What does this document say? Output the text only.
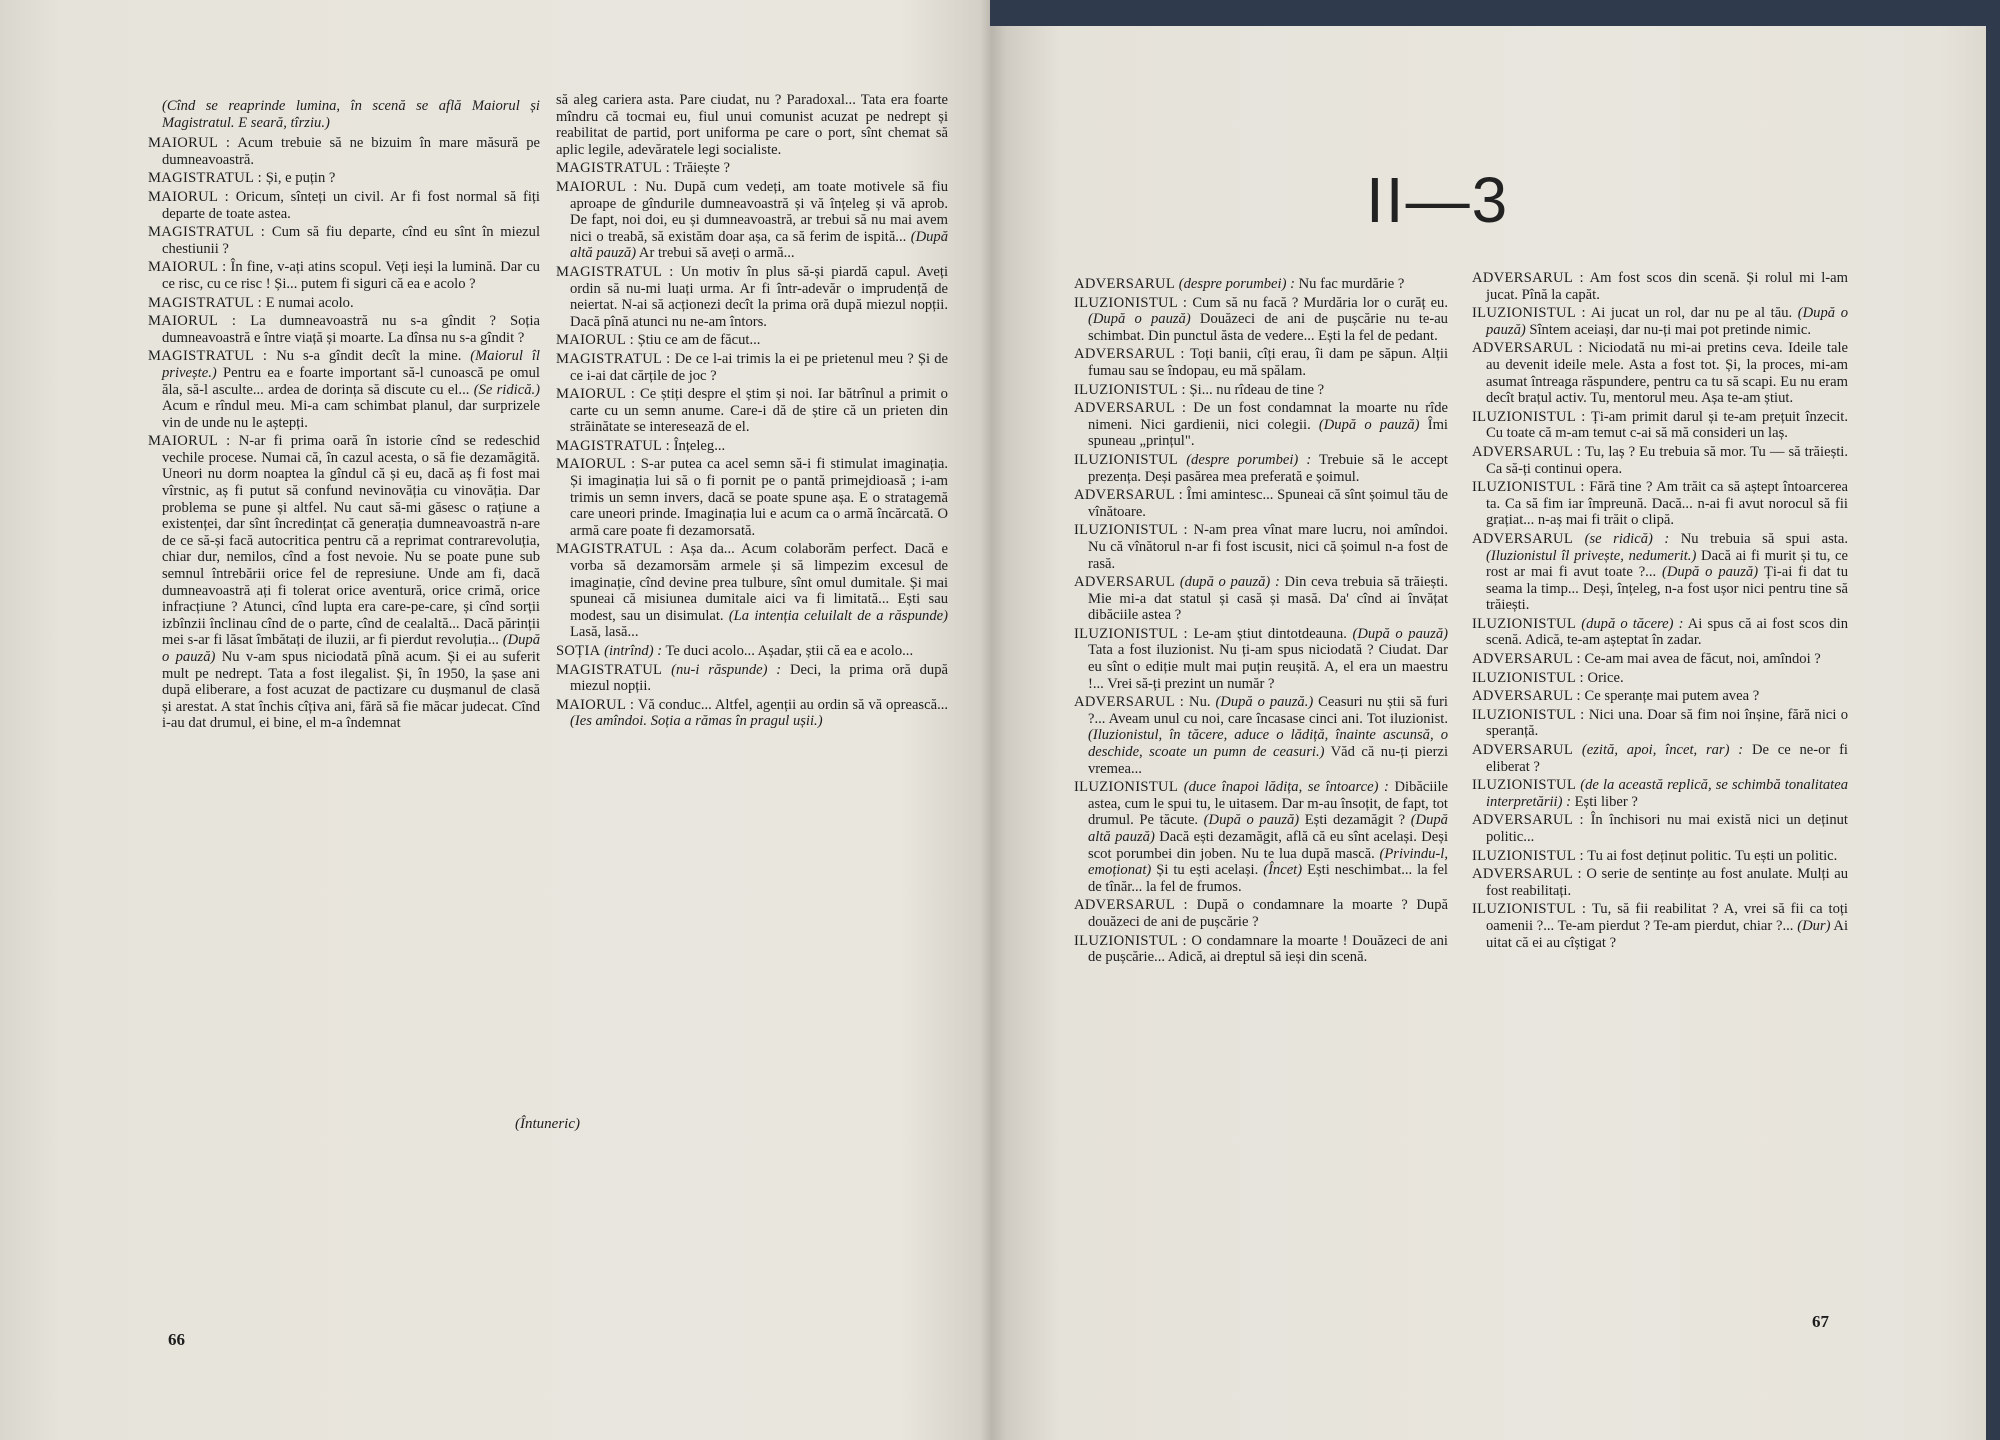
(Cînd se reaprinde lumina, în scenă se află Maiorul și Magistratul. E seară, tîrziu.)

MAIORUL : Acum trebuie să ne bizuim în mare măsură pe dumneavoastră.

MAGISTRATUL : Și, e puțin ?

MAIORUL : Oricum, sînteți un civil. Ar fi fost normal să fiți departe de toate astea.

MAGISTRATUL : Cum să fiu departe, cînd eu sînt în miezul chestiunii ?

MAIORUL : În fine, v-ați atins scopul. Veți ieși la lumină. Dar cu ce risc, cu ce risc ! Și... putem fi siguri că ea e acolo ?

MAGISTRATUL : E numai acolo.

MAIORUL : La dumneavoastră nu s-a gîndit ? Soția dumneavoastră e între viață și moarte. La dînsa nu s-a gîndit ?

MAGISTRATUL : Nu s-a gîndit decît la mine. (Maiorul îl privește.) Pentru ea e foarte important să-l cunoască pe omul ăla, să-l asculte... ardea de dorința să discute cu el... (Se ridică.) Acum e rîndul meu. Mi-a cam schimbat planul, dar surprizele vin de unde nu le aștepți.

MAIORUL : N-ar fi prima oară în istorie cînd se redeschid vechile procese. Numai că, în cazul acesta, o să fie dezamăgită. Uneori nu dorm noaptea la gîndul că și eu, dacă aș fi fost mai vîrstnic, aș fi putut să confund nevinovăția cu vinovăția. Dar problema se pune și altfel. Nu caut să-mi găsesc o rațiune a existenței, dar sînt încredințat că generația dumneavoastră n-are de ce să-și facă autocritica pentru că a reprimat contrarevoluția, chiar dur, nemilos, cînd a fost nevoie. Nu se poate pune sub semnul întrebării orice fel de represiune. Unde am fi, dacă dumneavoastră ați fi tolerat orice aventură, orice crimă, orice infracțiune ? Atunci, cînd lupta era care-pe-care, și cînd sorții izbînzii înclinau cînd de o parte, cînd de cealaltă... Dacă părinții mei s-ar fi lăsat îmbătați de iluzii, ar fi pierdut revoluția... (După o pauză) Nu v-am spus niciodată pînă acum. Și ei au suferit mult pe nedrept. Tata a fost ilegalist. Și, în 1950, la șase ani după eliberare, a fost acuzat de pactizare cu dușmanul de clasă și arestat. A stat închis cîțiva ani, fără să fie măcar judecat. Cînd i-au dat drumul, ei bine, el m-a îndemnat

să aleg cariera asta. Pare ciudat, nu ? Paradoxal... Tata era foarte mîndru că tocmai eu, fiul unui comunist acuzat pe nedrept și reabilitat de partid, port uniforma pe care o port, sînt chemat să aplic legile, adevăratele legi socialiste.

MAGISTRATUL : Trăiește ?

MAIORUL : Nu. După cum vedeți, am toate motivele să fiu aproape de gîndurile dumneavoastră și vă înțeleg și vă aprob. De fapt, noi doi, eu și dumneavoastră, ar trebui să nu mai avem nici o treabă, să existăm doar așa, ca să ferim de ispită... (După altă pauză) Ar trebui să aveți o armă...

MAGISTRATUL : Un motiv în plus să-și piardă capul. Aveți ordin să nu-mi luați urma. Ar fi într-adevăr o imprudență de neiertat. N-ai să acționezi decît la prima oră după miezul nopții. Dacă pînă atunci nu ne-am întors.

MAIORUL : Știu ce am de făcut...

MAGISTRATUL : De ce l-ai trimis la ei pe prietenul meu ? Și de ce i-ai dat cărțile de joc ?

MAIORUL : Ce știți despre el știm și noi. Iar bătrînul a primit o carte cu un semn anume. Care-i dă de știre că un prieten din străinătate se interesează de el.

MAGISTRATUL : Înțeleg...

MAIORUL : S-ar putea ca acel semn să-i fi stimulat imaginația. Și imaginația lui să o fi pornit pe o pantă primejdioasă ; i-am trimis un semn invers, dacă se poate spune așa. E o stratagemă care uneori prinde. Imaginația lui e acum ca o armă încărcată. O armă care poate fi dezamorsată.

MAGISTRATUL : Așa da... Acum colaborăm perfect. Dacă e vorba să dezamorsăm armele și să limpezim excesul de imaginație, cînd devine prea tulbure, sînt omul dumitale. Și mai spuneai că misiunea dumitale aici va fi limitată... Ești sau modest, sau un disimulat. (La intenția celuilalt de a răspunde) Lasă, lasă...

SOȚIA (intrînd) : Te duci acolo... Așadar, știi că ea e acolo...

MAGISTRATUL (nu-i răspunde) : Deci, la prima oră după miezul nopții.

MAIORUL : Vă conduc... Altfel, agenții au ordin să vă oprească... (Ies amîndoi. Soția a rămas în pragul ușii.)

(Întuneric)
66
II—3

ADVERSARUL (despre porumbei) : Nu fac murdărie ?

ILUZIONISTUL : Cum să nu facă ? Murdăria lor o curăț eu. (După o pauză) Douăzeci de ani de pușcărie nu te-au schimbat. Din punctul ăsta de vedere... Ești la fel de pedant.

ADVERSARUL : Toți banii, cîți erau, îi dam pe săpun. Alții fumau sau se îndopau, eu mă spălam.

ILUZIONISTUL : Și... nu rîdeau de tine ?

ADVERSARUL : De un fost condamnat la moarte nu rîde nimeni. Nici gardienii, nici colegii. (După o pauză) Îmi spuneau „prințul".

ILUZIONISTUL (despre porumbei) : Trebuie să le accept prezența. Deși pasărea mea preferată e șoimul.

ADVERSARUL : Îmi amintesc... Spuneai că sînt șoimul tău de vînătoare.

ILUZIONISTUL : N-am prea vînat mare lucru, noi amîndoi. Nu că vînătorul n-ar fi fost iscusit, nici că șoimul n-a fost de rasă.

ADVERSARUL (după o pauză) : Din ceva trebuia să trăiești. Mie mi-a dat statul și casă și masă. Da' cînd ai învățat dibăciile astea ?

ILUZIONISTUL : Le-am știut dintotdeauna. (După o pauză) Tata a fost iluzionist. Nu ți-am spus niciodată ? Ciudat. Dar eu sînt o ediție mult mai puțin reușită. A, el era un maestru !... Vrei să-ți prezint un număr ?

ADVERSARUL : Nu. (După o pauză.) Ceasuri nu știi să furi ?... Aveam unul cu noi, care încasase cinci ani. Tot iluzionist. (Iluzionistul, în tăcere, aduce o lădiță, înainte ascunsă, o deschide, scoate un pumn de ceasuri.) Văd că nu-ți pierzi vremea...

ILUZIONISTUL (duce înapoi lădița, se întoarce) : Dibăciile astea, cum le spui tu, le uitasem. Dar m-au însoțit, de fapt, tot drumul. Pe tăcute. (După o pauză) Ești dezamăgit ? (După altă pauză) Dacă ești dezamăgit, află că eu sînt același. Deși scot porumbei din joben. Nu te lua după mască. (Privindu-l, emoționat) Și tu ești același. (Încet) Ești neschimbat... la fel de tînăr... la fel de frumos.

ADVERSARUL : După o condamnare la moarte ? După douăzeci de ani de pușcărie ?

ILUZIONISTUL : O condamnare la moarte ! Douăzeci de ani de pușcărie... Adică, ai dreptul să ieși din scenă.

ADVERSARUL : Am fost scos din scenă. Și rolul mi l-am jucat. Pînă la capăt.

ILUZIONISTUL : Ai jucat un rol, dar nu pe al tău. (După o pauză) Sîntem aceiași, dar nu-ți mai pot pretinde nimic.

ADVERSARUL : Niciodată nu mi-ai pretins ceva. Ideile tale au devenit ideile mele. Asta a fost tot. Și, la proces, mi-am asumat întreaga răspundere, pentru ca tu să scapi. Eu nu eram decît brațul activ. Tu, mentorul meu. Așa te-am știut.

ILUZIONISTUL : Ți-am primit darul și te-am prețuit înzecit. Cu toate că m-am temut c-ai să mă consideri un laș.

ADVERSARUL : Tu, laș ? Eu trebuia să mor. Tu — să trăiești. Ca să-ți continui opera.

ILUZIONISTUL : Fără tine ? Am trăit ca să aștept întoarcerea ta. Ca să fim iar împreună. Dacă... n-ai fi avut norocul să fii grațiat... n-aș mai fi trăit o clipă.

ADVERSARUL (se ridică) : Nu trebuia să spui asta. (Iluzionistul îl privește, nedumerit.) Dacă ai fi murit și tu, ce rost ar mai fi avut toate ?... (După o pauză) Ți-ai fi dat tu seama la timp... Deși, înțeleg, n-a fost ușor nici pentru tine să trăiești.

ILUZIONISTUL (după o tăcere) : Ai spus că ai fost scos din scenă. Adică, te-am așteptat în zadar.

ADVERSARUL : Ce-am mai avea de făcut, noi, amîndoi ?

ILUZIONISTUL : Orice.

ADVERSARUL : Ce speranțe mai putem avea ?

ILUZIONISTUL : Nici una. Doar să fim noi înșine, fără nici o speranță.

ADVERSARUL (ezită, apoi, încet, rar) : De ce ne-or fi eliberat ?

ILUZIONISTUL (de la această replică, se schimbă tonalitatea interpretării) : Ești liber ?

ADVERSARUL : În închisori nu mai există nici un deținut politic...

ILUZIONISTUL : Tu ai fost deținut politic. Tu ești un politic.

ADVERSARUL : O serie de sentințe au fost anulate. Mulți au fost reabilitați.

ILUZIONISTUL : Tu, să fii reabilitat ? A, vrei să fii ca toți oamenii ?... Te-am pierdut ? Te-am pierdut, chiar ?... (Dur) Ai uitat că ei au cîștigat ?

67
